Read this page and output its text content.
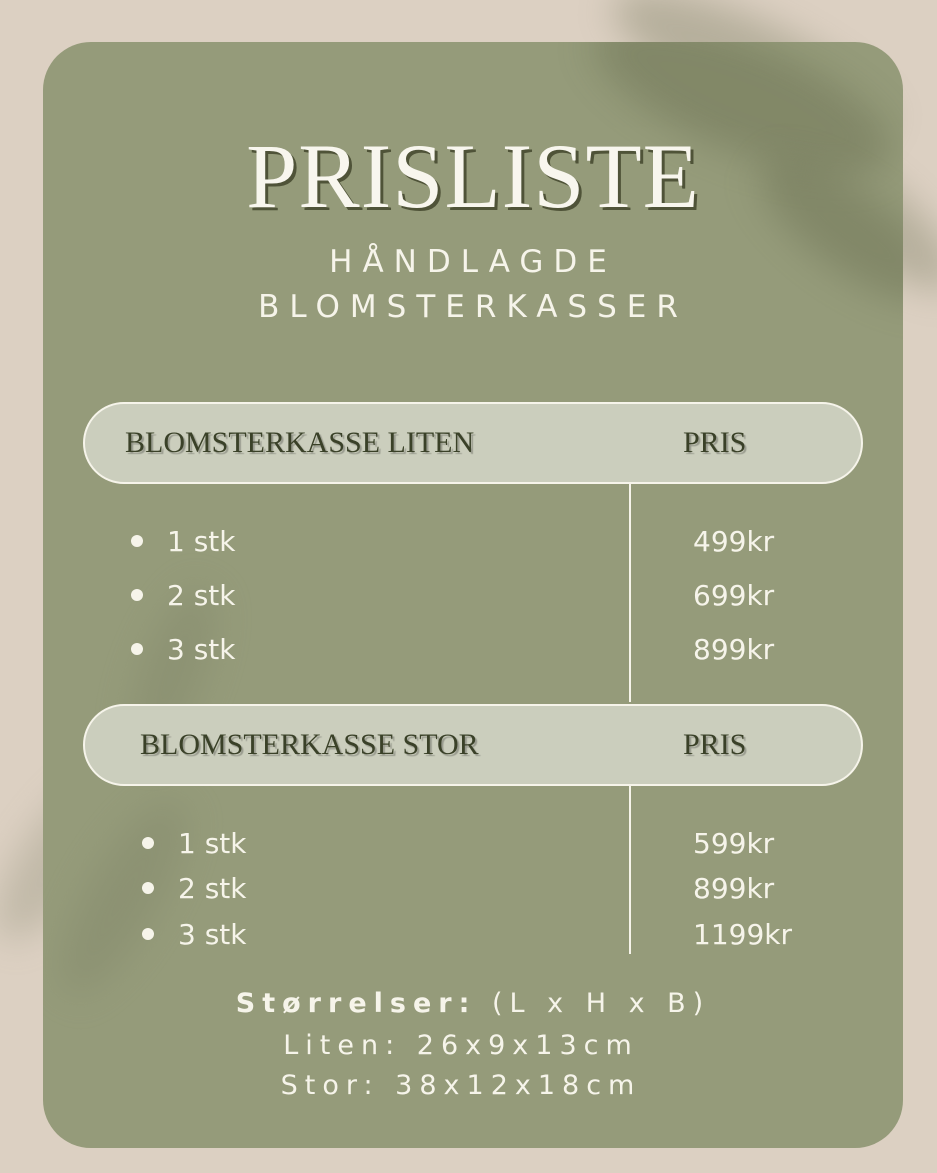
PRISLISTE
HÅNDLAGDE
BLOMSTERKASSER
BLOMSTERKASSE LITEN	PRIS
1 stk	499kr
2 stk	699kr
3 stk	899kr
BLOMSTERKASSE STOR	PRIS
1 stk	599kr
2 stk	899kr
3 stk	1199kr
Størrelser: (L x H x B)
Liten: 26x9x13cm
Stor: 38x12x18cm
